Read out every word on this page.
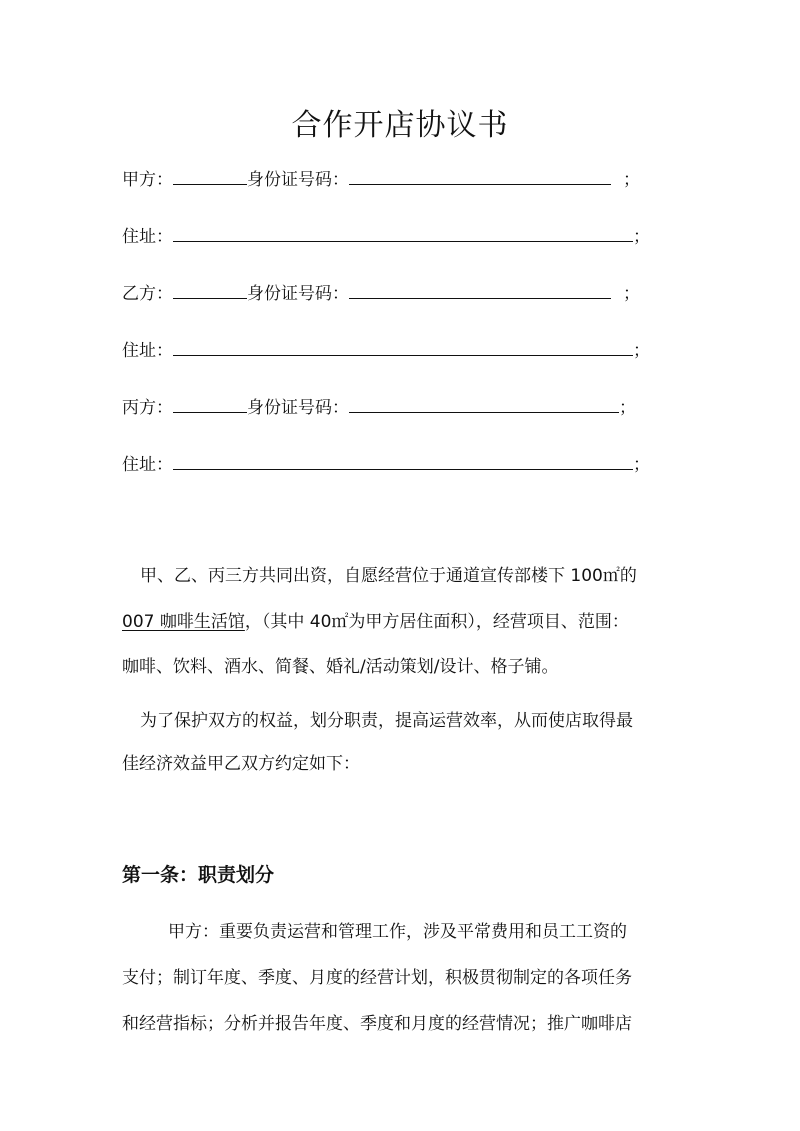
合作开店协议书
甲方：	身份证号码：	；
住址：	；
乙方：	身份证号码：	；
住址：	；
丙方：	身份证号码：	；
住址：	；
甲、乙、丙三方共同出资，自愿经营位于通道宣传部楼下 100㎡的
007 咖啡生活馆，（其中 40㎡为甲方居住面积），经营项目、范围：
咖啡、饮料、酒水、简餐、婚礼/活动策划/设计、格子铺。
为了保护双方的权益，划分职责，提高运营效率，从而使店取得最
佳经济效益甲乙双方约定如下：
第一条：职责划分
甲方：重要负责运营和管理工作，涉及平常费用和员工工资的
支付；制订年度、季度、月度的经营计划，积极贯彻制定的各项任务
和经营指标；分析并报告年度、季度和月度的经营情况；推广咖啡店
